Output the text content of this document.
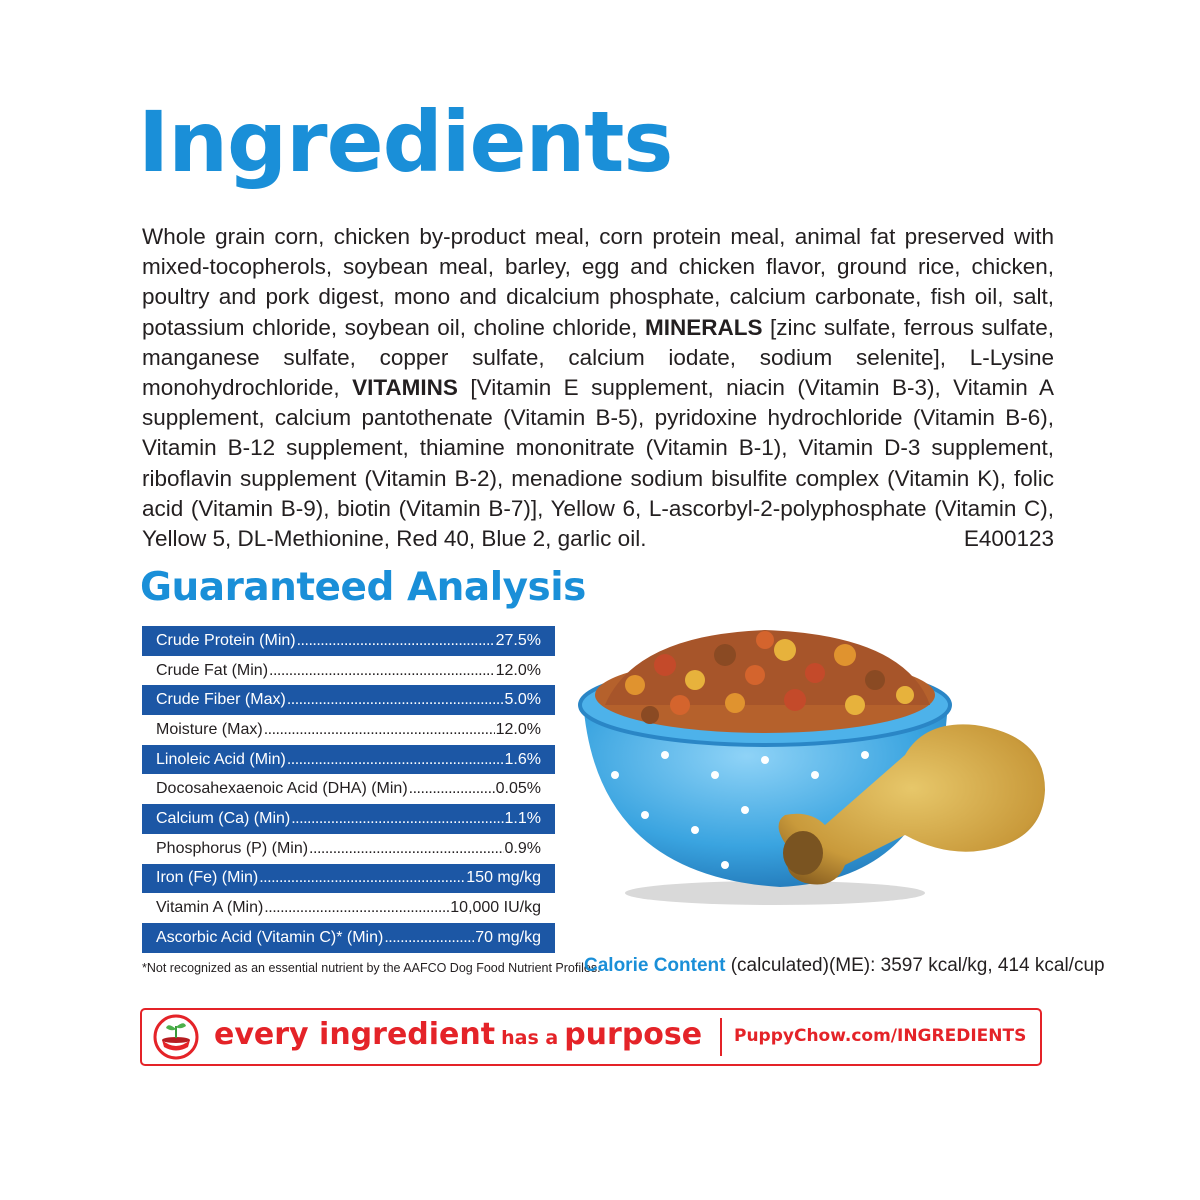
Ingredients

Whole grain corn, chicken by-product meal, corn protein meal, animal fat preserved with mixed-tocopherols, soybean meal, barley, egg and chicken flavor, ground rice, chicken, poultry and pork digest, mono and dicalcium phosphate, calcium carbonate, fish oil, salt, potassium chloride, soybean oil, choline chloride, MINERALS [zinc sulfate, ferrous sulfate, manganese sulfate, copper sulfate, calcium iodate, sodium selenite], L-Lysine monohydrochloride, VITAMINS [Vitamin E supplement, niacin (Vitamin B-3), Vitamin A supplement, calcium pantothenate (Vitamin B-5), pyridoxine hydrochloride (Vitamin B-6), Vitamin B-12 supplement, thiamine mononitrate (Vitamin B-1), Vitamin D-3 supplement, riboflavin supplement (Vitamin B-2), menadione sodium bisulfite complex (Vitamin K), folic acid (Vitamin B-9), biotin (Vitamin B-7)], Yellow 6, L-ascorbyl-2-polyphosphate (Vitamin C), Yellow 5, DL-Methionine, Red 40, Blue 2, garlic oil.	E400123

Guaranteed Analysis
Crude Protein (Min) .....	27.5%
Crude Fat (Min) .....	12.0%
Crude Fiber (Max) .....	5.0%
Moisture (Max) .....	12.0%
Linoleic Acid (Min) .....	1.6%
Docosahexaenoic Acid (DHA) (Min) .....	0.05%
Calcium (Ca) (Min) .....	1.1%
Phosphorus (P) (Min) .....	0.9%
Iron (Fe) (Min) .....	150 mg/kg
Vitamin A (Min) .....	10,000 IU/kg
Ascorbic Acid (Vitamin C)* (Min) .....	70 mg/kg
*Not recognized as an essential nutrient by the AAFCO Dog Food Nutrient Profiles.
Calorie Content (calculated)(ME): 3597 kcal/kg, 414 kcal/cup
every ingredient has a purpose PuppyChow.com/INGREDIENTS
